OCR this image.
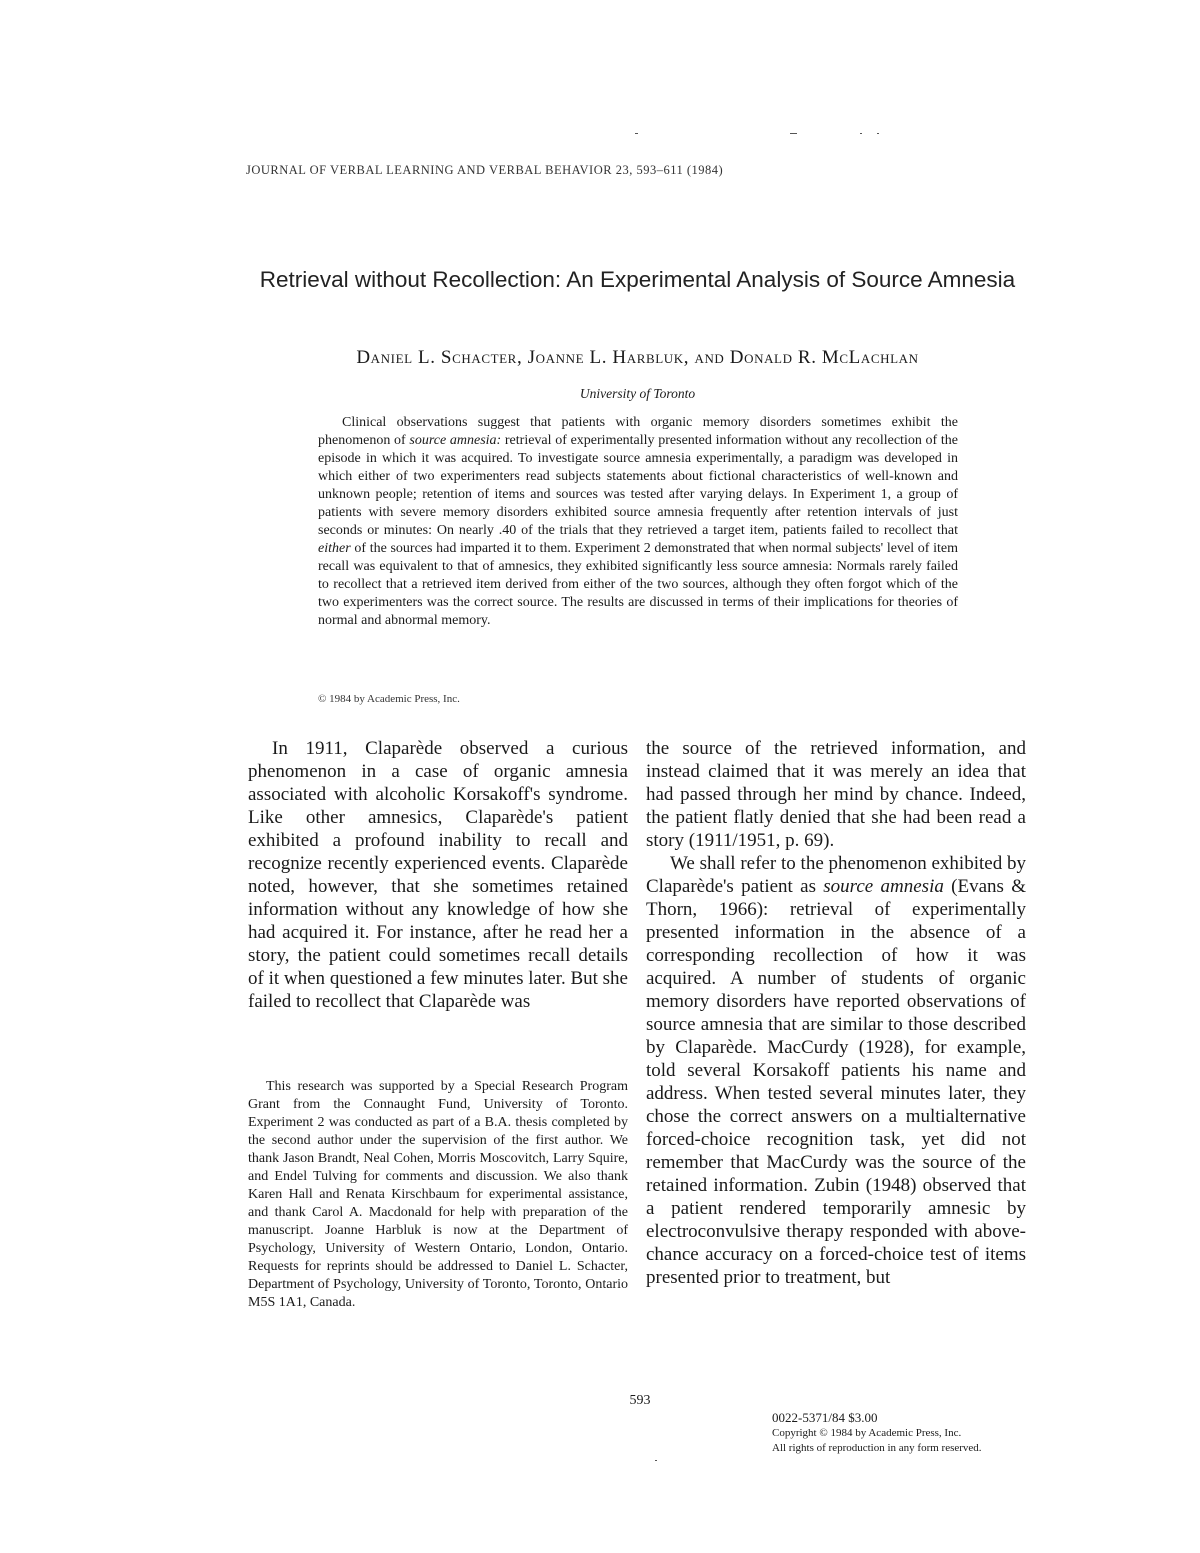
JOURNAL OF VERBAL LEARNING AND VERBAL BEHAVIOR 23, 593–611 (1984)
Retrieval without Recollection: An Experimental Analysis of Source Amnesia
Daniel L. Schacter, Joanne L. Harbluk, and Donald R. McLachlan
University of Toronto

Clinical observations suggest that patients with organic memory disorders sometimes exhibit the phenomenon of source amnesia: retrieval of experimentally presented information without any recollection of the episode in which it was acquired. To investigate source amnesia experimentally, a paradigm was developed in which either of two experimenters read subjects statements about fictional characteristics of well-known and unknown people; retention of items and sources was tested after varying delays. In Experiment 1, a group of patients with severe memory disorders exhibited source amnesia frequently after retention intervals of just seconds or minutes: On nearly .40 of the trials that they retrieved a target item, patients failed to recollect that either of the sources had imparted it to them. Experiment 2 demonstrated that when normal subjects' level of item recall was equivalent to that of amnesics, they exhibited significantly less source amnesia: Normals rarely failed to recollect that a retrieved item derived from either of the two sources, although they often forgot which of the two experimenters was the correct source. The results are discussed in terms of their implications for theories of normal and abnormal memory.

© 1984 by Academic Press, Inc.

In 1911, Claparède observed a curious phenomenon in a case of organic amnesia associated with alcoholic Korsakoff's syndrome. Like other amnesics, Claparède's patient exhibited a profound inability to recall and recognize recently experienced events. Claparède noted, however, that she sometimes retained information without any knowledge of how she had acquired it. For instance, after he read her a story, the patient could sometimes recall details of it when questioned a few minutes later. But she failed to recollect that Claparède was

the source of the retrieved information, and instead claimed that it was merely an idea that had passed through her mind by chance. Indeed, the patient flatly denied that she had been read a story (1911/1951, p. 69).

We shall refer to the phenomenon exhibited by Claparède's patient as source amnesia (Evans & Thorn, 1966): retrieval of experimentally presented information in the absence of a corresponding recollection of how it was acquired. A number of students of organic memory disorders have reported observations of source amnesia that are similar to those described by Claparède. MacCurdy (1928), for example, told several Korsakoff patients his name and address. When tested several minutes later, they chose the correct answers on a multialternative forced-choice recognition task, yet did not remember that MacCurdy was the source of the retained information. Zubin (1948) observed that a patient rendered temporarily amnesic by electroconvulsive therapy responded with above-chance accuracy on a forced-choice test of items presented prior to treatment, but

This research was supported by a Special Research Program Grant from the Connaught Fund, University of Toronto. Experiment 2 was conducted as part of a B.A. thesis completed by the second author under the supervision of the first author. We thank Jason Brandt, Neal Cohen, Morris Moscovitch, Larry Squire, and Endel Tulving for comments and discussion. We also thank Karen Hall and Renata Kirschbaum for experimental assistance, and thank Carol A. Macdonald for help with preparation of the manuscript. Joanne Harbluk is now at the Department of Psychology, University of Western Ontario, London, Ontario. Requests for reprints should be addressed to Daniel L. Schacter, Department of Psychology, University of Toronto, Toronto, Ontario M5S 1A1, Canada.

593
0022-5371/84 $3.00
Copyright © 1984 by Academic Press, Inc.
All rights of reproduction in any form reserved.
